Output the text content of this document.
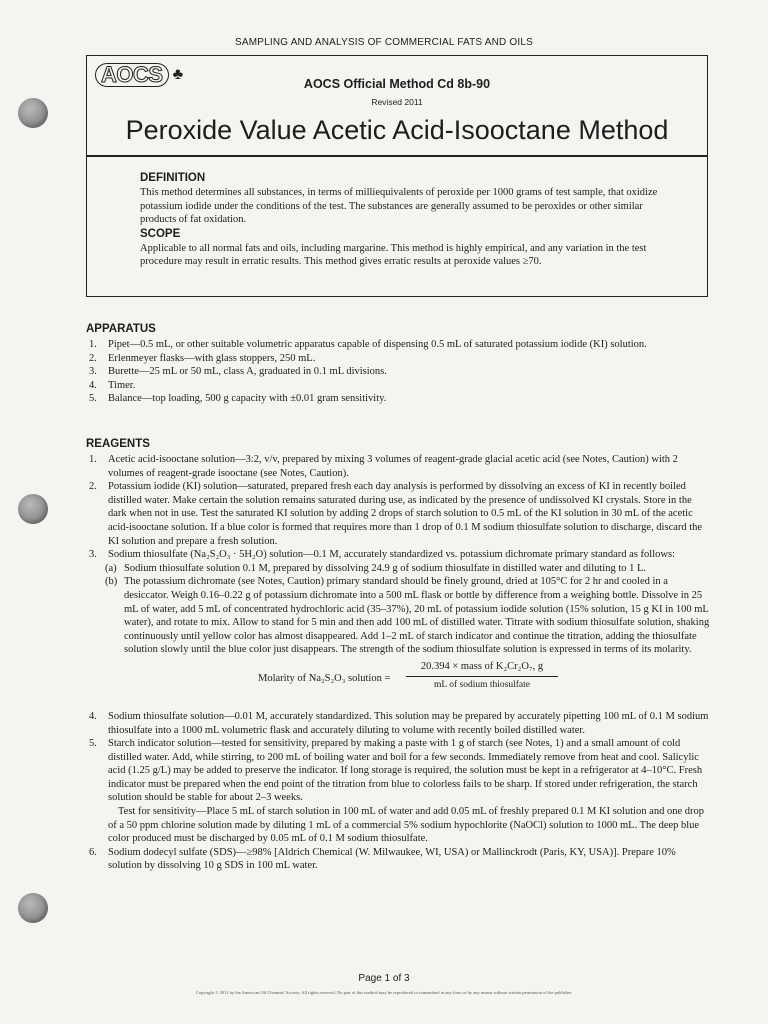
SAMPLING AND ANALYSIS OF COMMERCIAL FATS AND OILS
AOCS ♣
AOCS Official Method Cd 8b-90
Revised 2011
Peroxide Value Acetic Acid-Isooctane Method
DEFINITION
This method determines all substances, in terms of milliequivalents of peroxide per 1000 grams of test sample, that oxidize potassium iodide under the conditions of the test. The substances are generally assumed to be peroxides or other similar products of fat oxidation.
SCOPE
Applicable to all normal fats and oils, including margarine. This method is highly empirical, and any variation in the test procedure may result in erratic results. This method gives erratic results at peroxide values ≥70.
APPARATUS
1. Pipet—0.5 mL, or other suitable volumetric apparatus capable of dispensing 0.5 mL of saturated potassium iodide (KI) solution.
2. Erlenmeyer flasks—with glass stoppers, 250 mL.
3. Burette—25 mL or 50 mL, class A, graduated in 0.1 mL divisions.
4. Timer.
5. Balance—top loading, 500 g capacity with ±0.01 gram sensitivity.
REAGENTS
1. Acetic acid-isooctane solution—3:2, v/v, prepared by mixing 3 volumes of reagent-grade glacial acetic acid (see Notes, Caution) with 2 volumes of reagent-grade isooctane (see Notes, Caution).
2. Potassium iodide (KI) solution—saturated, prepared fresh each day analysis is performed by dissolving an excess of KI in recently boiled distilled water. Make certain the solution remains saturated during use, as indicated by the presence of undissolved KI crystals. Store in the dark when not in use. Test the saturated KI solution by adding 2 drops of starch solution to 0.5 mL of the KI solution in 30 mL of the acetic acid-isooctane solution. If a blue color is formed that requires more than 1 drop of 0.1 M sodium thiosulfate solution to discharge, discard the KI solution and prepare a fresh solution.
3. Sodium thiosulfate (Na₂S₂O₃ · 5H₂O) solution—0.1 M, accurately standardized vs. potassium dichromate primary standard as follows:
(a) Sodium thiosulfate solution 0.1 M, prepared by dissolving 24.9 g of sodium thiosulfate in distilled water and diluting to 1 L.
(b) The potassium dichromate (see Notes, Caution) primary standard should be finely ground, dried at 105°C for 2 hr and cooled in a desiccator. Weigh 0.16–0.22 g of potassium dichromate into a 500 mL flask or bottle by difference from a weighing bottle. Dissolve in 25 mL of water, add 5 mL of concentrated hydrochloric acid (35–37%), 20 mL of potassium iodide solution (15% solution, 15 g KI in 100 mL water), and rotate to mix. Allow to stand for 5 min and then add 100 mL of distilled water. Titrate with sodium thiosulfate solution, shaking continuously until yellow color has almost disappeared. Add 1–2 mL of starch indicator and continue the titration, adding the thiosulfate solution slowly until the blue color just disappears. The strength of the sodium thiosulfate solution is expressed in terms of its molarity.
Molarity of Na₂S₂O₃ solution =
20.394 × mass of K₂Cr₂O₇, g
mL of sodium thiosulfate
4. Sodium thiosulfate solution—0.01 M, accurately standardized. This solution may be prepared by accurately pipetting 100 mL of 0.1 M sodium thiosulfate into a 1000 mL volumetric flask and accurately diluting to volume with recently boiled distilled water.
5. Starch indicator solution—tested for sensitivity, prepared by making a paste with 1 g of starch (see Notes, 1) and a small amount of cold distilled water. Add, while stirring, to 200 mL of boiling water and boil for a few seconds. Immediately remove from heat and cool. Salicylic acid (1.25 g/L) may be added to preserve the indicator. If long storage is required, the solution must be kept in a refrigerator at 4–10°C. Fresh indicator must be prepared when the end point of the titration from blue to colorless fails to be sharp. If stored under refrigeration, the starch solution should be stable for about 2–3 weeks.
Test for sensitivity—Place 5 mL of starch solution in 100 mL of water and add 0.05 mL of freshly prepared 0.1 M KI solution and one drop of a 50 ppm chlorine solution made by diluting 1 mL of a commercial 5% sodium hypochlorite (NaOCl) solution to 1000 mL. The deep blue color produced must be discharged by 0.05 mL of 0.1 M sodium thiosulfate.
6. Sodium dodecyl sulfate (SDS)—≥98% [Aldrich Chemical (W. Milwaukee, WI, USA) or Mallinckrodt (Paris, KY, USA)]. Prepare 10% solution by dissolving 10 g SDS in 100 mL water.
Page 1 of 3
Copyright © 2011 by the American Oil Chemists' Society. All rights reserved. No part of this method may be reproduced or transmitted in any form or by any means without written permission of the publisher.
